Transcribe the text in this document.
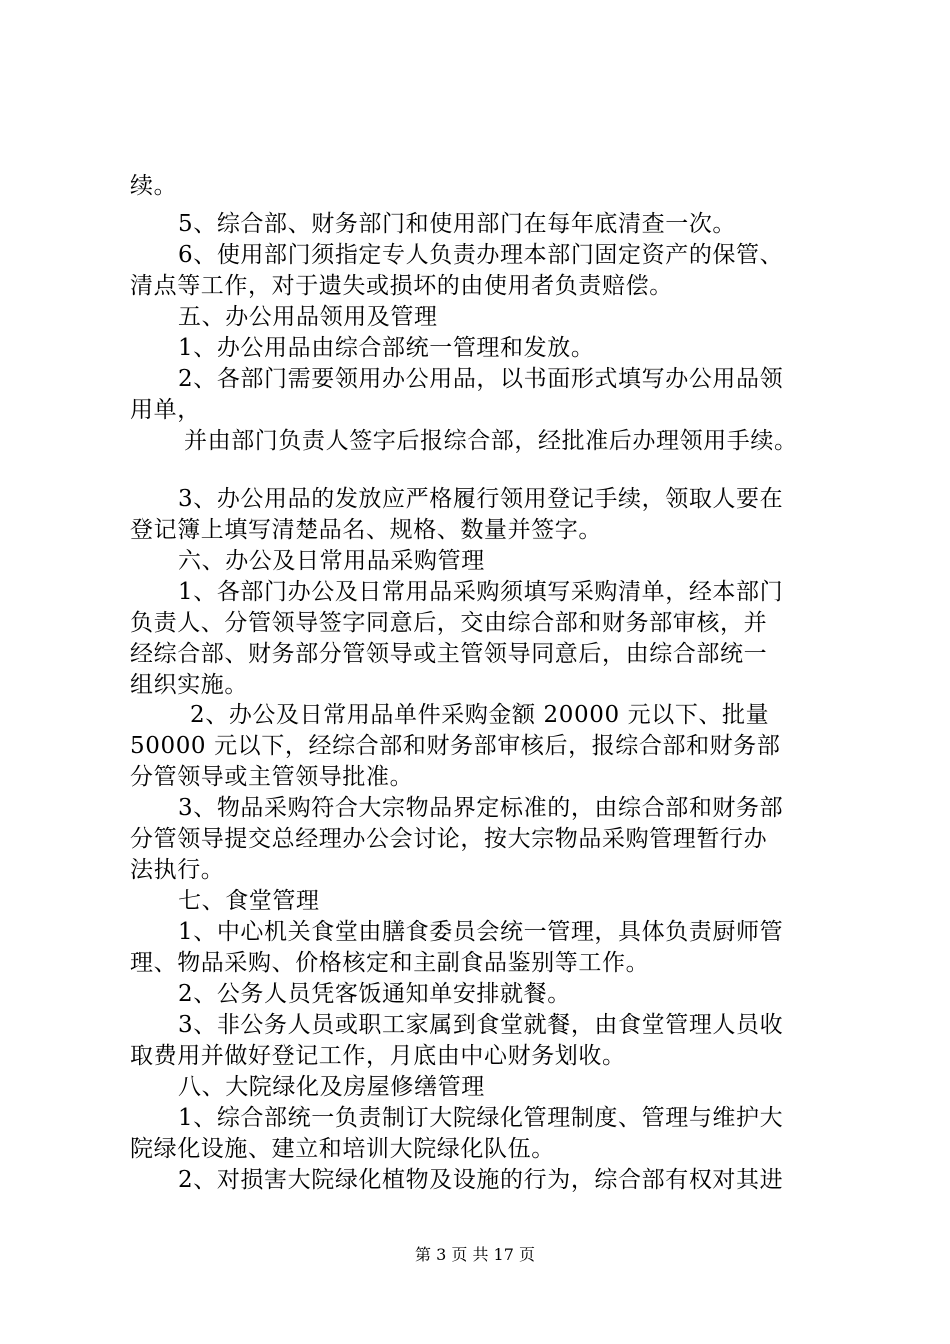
续。
5、综合部、财务部门和使用部门在每年底清查一次。
6、使用部门须指定专人负责办理本部门固定资产的保管、
清点等工作，对于遗失或损坏的由使用者负责赔偿。
五、办公用品领用及管理
1、办公用品由综合部统一管理和发放。
2、各部门需要领用办公用品，以书面形式填写办公用品领
用单，
并由部门负责人签字后报综合部，经批准后办理领用手续。
3、办公用品的发放应严格履行领用登记手续，领取人要在
登记簿上填写清楚品名、规格、数量并签字。
六、办公及日常用品采购管理
1、各部门办公及日常用品采购须填写采购清单，经本部门
负责人、分管领导签字同意后，交由综合部和财务部审核，并
经综合部、财务部分管领导或主管领导同意后，由综合部统一
组织实施。
2、办公及日常用品单件采购金额 20000 元以下、批量
50000 元以下，经综合部和财务部审核后，报综合部和财务部
分管领导或主管领导批准。
3、物品采购符合大宗物品界定标准的，由综合部和财务部
分管领导提交总经理办公会讨论，按大宗物品采购管理暂行办
法执行。
七、食堂管理
1、中心机关食堂由膳食委员会统一管理，具体负责厨师管
理、物品采购、价格核定和主副食品鉴别等工作。
2、公务人员凭客饭通知单安排就餐。
3、非公务人员或职工家属到食堂就餐，由食堂管理人员收
取费用并做好登记工作，月底由中心财务划收。
八、大院绿化及房屋修缮管理
1、综合部统一负责制订大院绿化管理制度、管理与维护大
院绿化设施、建立和培训大院绿化队伍。
2、对损害大院绿化植物及设施的行为，综合部有权对其进
第 3 页 共 17 页
